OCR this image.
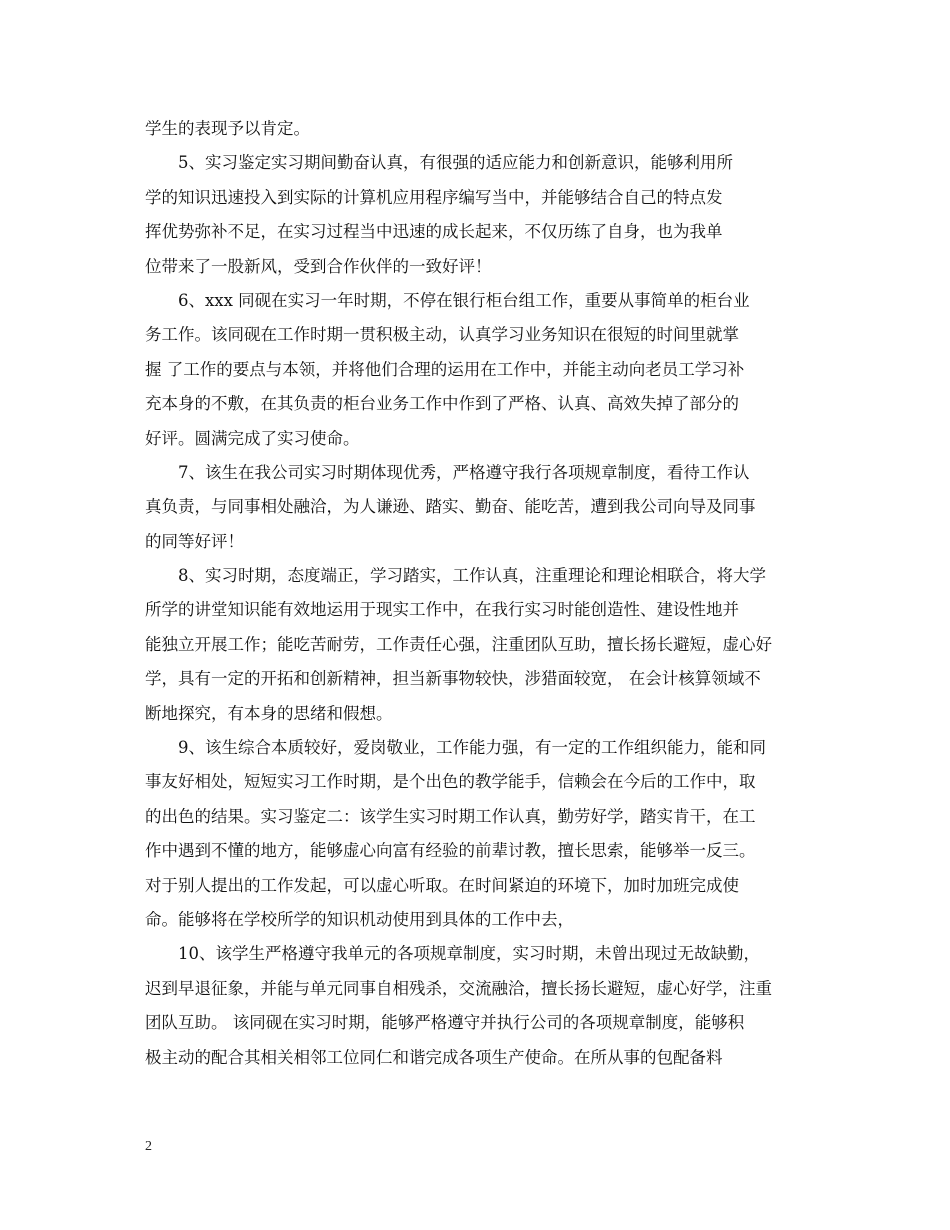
学生的表现予以肯定。
5、实习鉴定实习期间勤奋认真，有很强的适应能力和创新意识，能够利用所
学的知识迅速投入到实际的计算机应用程序编写当中，并能够结合自己的特点发
挥优势弥补不足，在实习过程当中迅速的成长起来，不仅历练了自身，也为我单
位带来了一股新风，受到合作伙伴的一致好评！
6、xxx 同砚在实习一年时期，不停在银行柜台组工作，重要从事简单的柜台业
务工作。该同砚在工作时期一贯积极主动，认真学习业务知识在很短的时间里就掌
握 了工作的要点与本领，并将他们合理的运用在工作中，并能主动向老员工学习补
充本身的不敷，在其负责的柜台业务工作中作到了严格、认真、高效失掉了部分的
好评。圆满完成了实习使命。
7、该生在我公司实习时期体现优秀，严格遵守我行各项规章制度，看待工作认
真负责，与同事相处融洽，为人谦逊、踏实、勤奋、能吃苦，遭到我公司向导及同事
的同等好评！
8、实习时期，态度端正，学习踏实，工作认真，注重理论和理论相联合，将大学
所学的讲堂知识能有效地运用于现实工作中，在我行实习时能创造性、建设性地并
能独立开展工作；能吃苦耐劳，工作责任心强，注重团队互助，擅长扬长避短，虚心好
学，具有一定的开拓和创新精神，担当新事物较快，涉猎面较宽， 在会计核算领域不
断地探究，有本身的思绪和假想。
9、该生综合本质较好，爱岗敬业，工作能力强，有一定的工作组织能力，能和同
事友好相处，短短实习工作时期，是个出色的教学能手，信赖会在今后的工作中，取
的出色的结果。实习鉴定二：该学生实习时期工作认真，勤劳好学，踏实肯干，在工
作中遇到不懂的地方，能够虚心向富有经验的前辈讨教，擅长思索，能够举一反三。
对于别人提出的工作发起，可以虚心听取。在时间紧迫的环境下，加时加班完成使
命。能够将在学校所学的知识机动使用到具体的工作中去，
10、该学生严格遵守我单元的各项规章制度，实习时期，未曾出现过无故缺勤，
迟到早退征象，并能与单元同事自相残杀，交流融洽，擅长扬长避短，虚心好学，注重
团队互助。 该同砚在实习时期，能够严格遵守并执行公司的各项规章制度，能够积
极主动的配合其相关相邻工位同仁和谐完成各项生产使命。在所从事的包配备料
2
